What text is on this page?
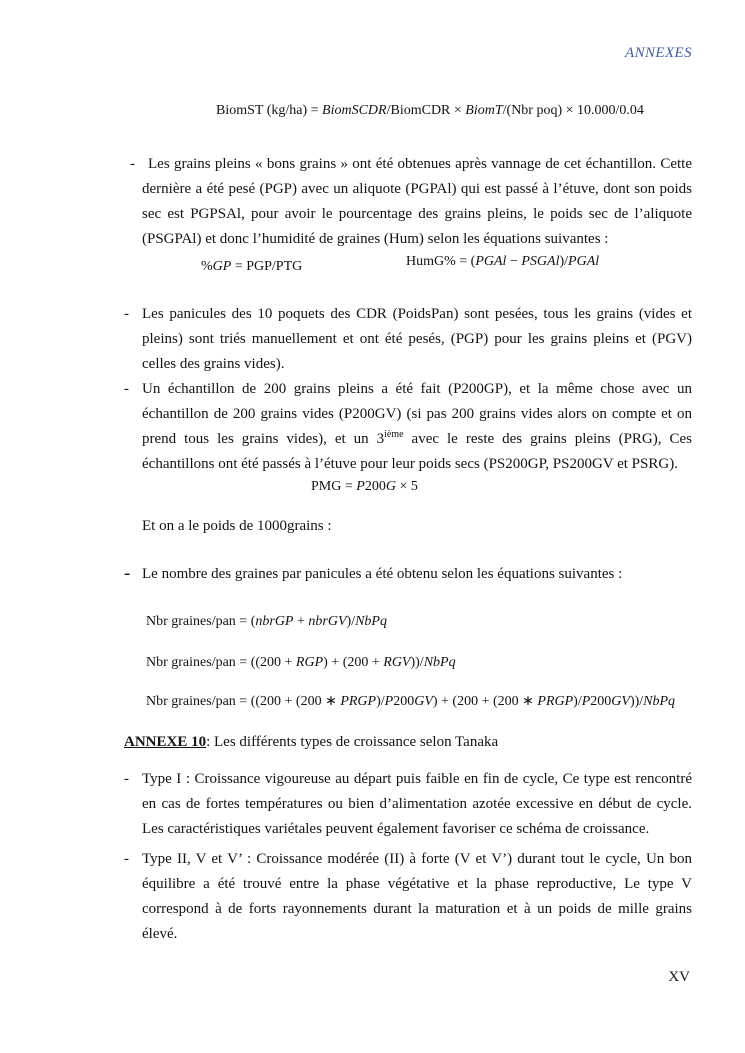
ANNEXES
BiomST (kg/ha) = BiomSCDR/BiomCDR × BiomT/(Nbr poq) × 10.000/0.04
- Les grains pleins « bons grains » ont été obtenues après vannage de cet échantillon. Cette dernière a été pesé (PGP) avec un aliquote (PGPAl) qui est passé à l’étuve, dont son poids sec est PGPSAl, pour avoir le pourcentage des grains pleins, le poids sec de l’aliquote (PSGPAl) et donc l’humidité de graines (Hum) selon les équations suivantes :
%GP = PGP/PTG	HumG% = (PGAl − PSGAl)/PGAl
- Les panicules des 10 poquets des CDR (PoidsPan) sont pesées, tous les grains (vides et pleins) sont triés manuellement et ont été pesés, (PGP) pour les grains pleins et (PGV) celles des grains vides).
- Un échantillon de 200 grains pleins a été fait (P200GP), et la même chose avec un échantillon de 200 grains vides (P200GV) (si pas 200 grains vides alors on compte et on prend tous les grains vides), et un 3ième avec le reste des grains pleins (PRG), Ces échantillons ont été passés à l’étuve pour leur poids secs (PS200GP, PS200GV et PSRG).
PMG = P200G × 5
Et on a le poids de 1000grains :
- Le nombre des graines par panicules a été obtenu selon les équations suivantes :
Nbr graines/pan = (nbrGP + nbrGV)/NbPq
Nbr graines/pan = ((200 + RGP) + (200 + RGV))/NbPq
Nbr graines/pan = ((200 + (200 ∗ PRGP)/P200GV) + (200 + (200 ∗ PRGP)/P200GV))/NbPq
ANNEXE 10: Les différents types de croissance selon Tanaka
- Type I : Croissance vigoureuse au départ puis faible en fin de cycle, Ce type est rencontré en cas de fortes températures ou bien d’alimentation azotée excessive en début de cycle. Les caractéristiques variétales peuvent également favoriser ce schéma de croissance.
- Type II, V et V’ : Croissance modérée (II) à forte (V et V’) durant tout le cycle, Un bon équilibre a été trouvé entre la phase végétative et la phase reproductive, Le type V correspond à de forts rayonnements durant la maturation et à un poids de mille grains élevé.
XV
